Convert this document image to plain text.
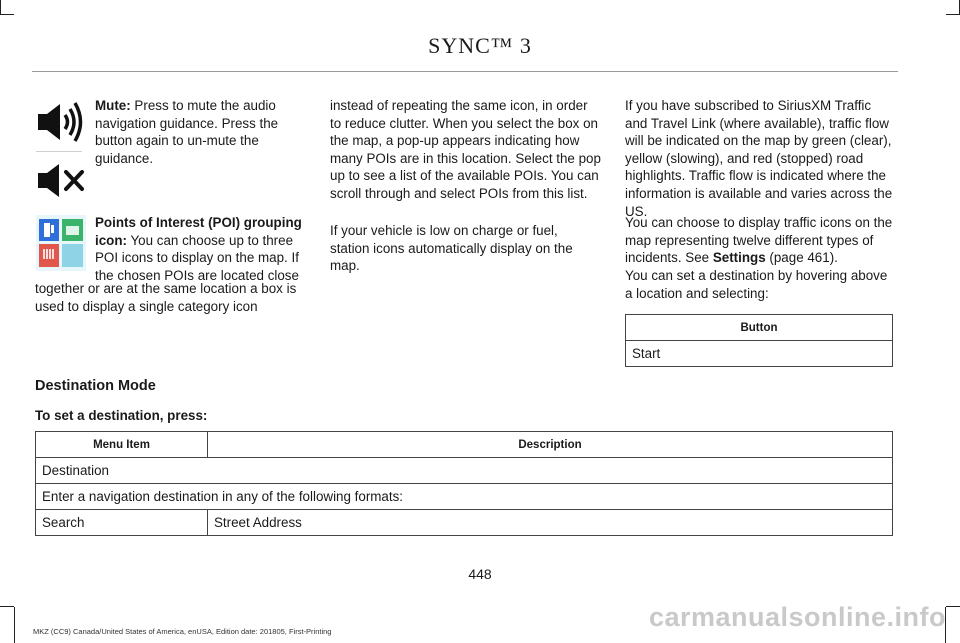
SYNC™ 3

Mute: Press to mute the audio navigation guidance. Press the button again to un-mute the guidance.

Points of Interest (POI) grouping icon: You can choose up to three POI icons to display on the map. If the chosen POIs are located close

together or are at the same location a box is used to display a single category icon

instead of repeating the same icon, in order to reduce clutter. When you select the box on the map, a pop-up appears indicating how many POIs are in this location. Select the pop up to see a list of the available POIs. You can scroll through and select POIs from this list.

If your vehicle is low on charge or fuel, station icons automatically display on the map.

If you have subscribed to SiriusXM Traffic and Travel Link (where available), traffic flow will be indicated on the map by green (clear), yellow (slowing), and red (stopped) road highlights. Traffic flow is indicated where the information is available and varies across the US.

You can choose to display traffic icons on the map representing twelve different types of incidents. See Settings (page 461).

You can set a destination by hovering above a location and selecting:

Button
Start
Destination Mode
To set a destination, press:
Menu Item	Description
Destination	
Enter a navigation destination in any of the following formats:	
Search	Street Address
448
MKZ (CC9) Canada/United States of America, enUSA, Edition date: 201805, First-Printing	carmanualsonline.info
